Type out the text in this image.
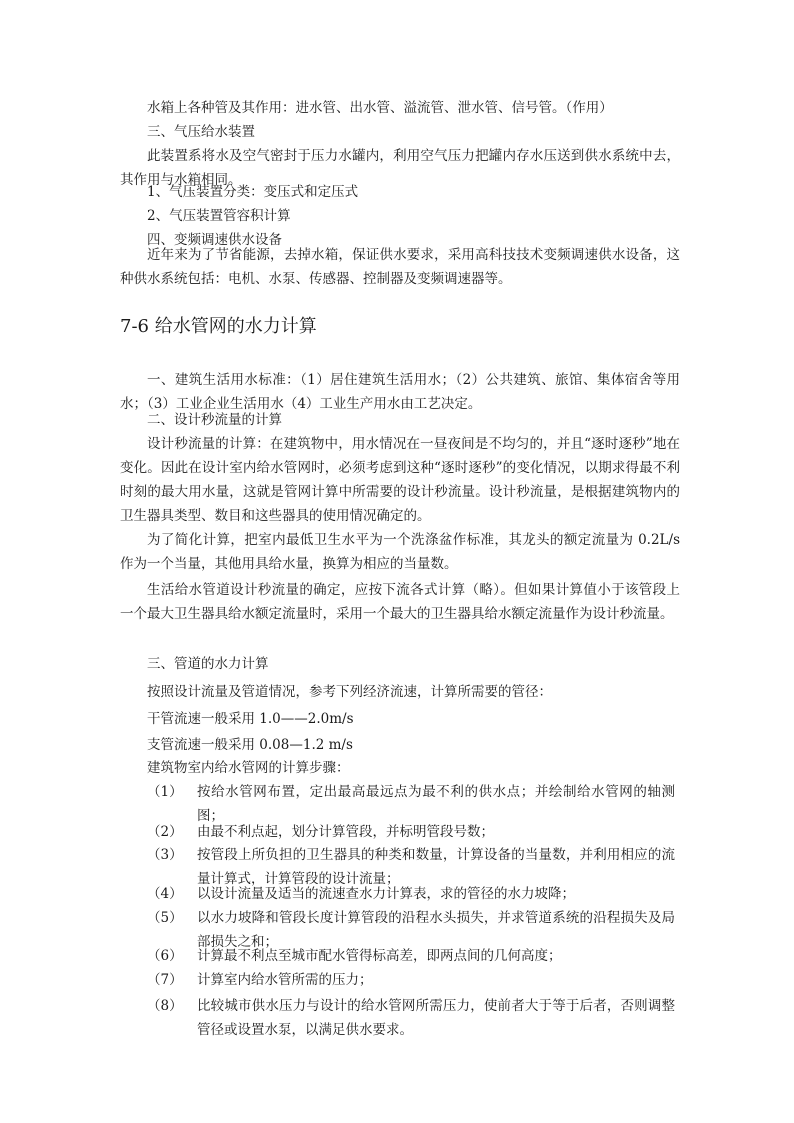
水箱上各种管及其作用：进水管、出水管、溢流管、泄水管、信号管。（作用）

三、气压给水装置

此装置系将水及空气密封于压力水罐内，利用空气压力把罐内存水压送到供水系统中去，其作用与水箱相同。

1、气压装置分类：变压式和定压式

2、气压装置管容积计算

四、变频调速供水设备

近年来为了节省能源，去掉水箱，保证供水要求，采用高科技技术变频调速供水设备，这种供水系统包括：电机、水泵、传感器、控制器及变频调速器等。

7-6 给水管网的水力计算

一、建筑生活用水标准：（1）居住建筑生活用水；（2）公共建筑、旅馆、集体宿舍等用水；（3）工业企业生活用水（4）工业生产用水由工艺决定。

二、设计秒流量的计算

设计秒流量的计算：在建筑物中，用水情况在一昼夜间是不均匀的，并且“逐时逐秒”地在变化。因此在设计室内给水管网时，必须考虑到这种“逐时逐秒”的变化情况，以期求得最不利时刻的最大用水量，这就是管网计算中所需要的设计秒流量。设计秒流量，是根据建筑物内的卫生器具类型、数目和这些器具的使用情况确定的。

为了简化计算，把室内最低卫生水平为一个洗涤盆作标准，其龙头的额定流量为 0.2L/s 作为一个当量，其他用具给水量，换算为相应的当量数。

生活给水管道设计秒流量的确定，应按下流各式计算（略）。但如果计算值小于该管段上一个最大卫生器具给水额定流量时，采用一个最大的卫生器具给水额定流量作为设计秒流量。

三、管道的水力计算

按照设计流量及管道情况，参考下列经济流速，计算所需要的管径：

干管流速一般采用 1.0——2.0m/s

支管流速一般采用 0.08—1.2 m/s

建筑物室内给水管网的计算步骤：

（1）	按给水管网布置，定出最高最远点为最不利的供水点；并绘制给水管网的轴测图；

（2）	由最不利点起，划分计算管段，并标明管段号数；

（3）	按管段上所负担的卫生器具的种类和数量，计算设备的当量数，并利用相应的流量计算式，计算管段的设计流量；

（4）	以设计流量及适当的流速查水力计算表，求的管径的水力坡降；

（5）	以水力坡降和管段长度计算管段的沿程水头损失，并求管道系统的沿程损失及局部损失之和；

（6）	计算最不利点至城市配水管得标高差，即两点间的几何高度；

（7）	计算室内给水管所需的压力；

（8）	比较城市供水压力与设计的给水管网所需压力，使前者大于等于后者，否则调整管径或设置水泵，以满足供水要求。
